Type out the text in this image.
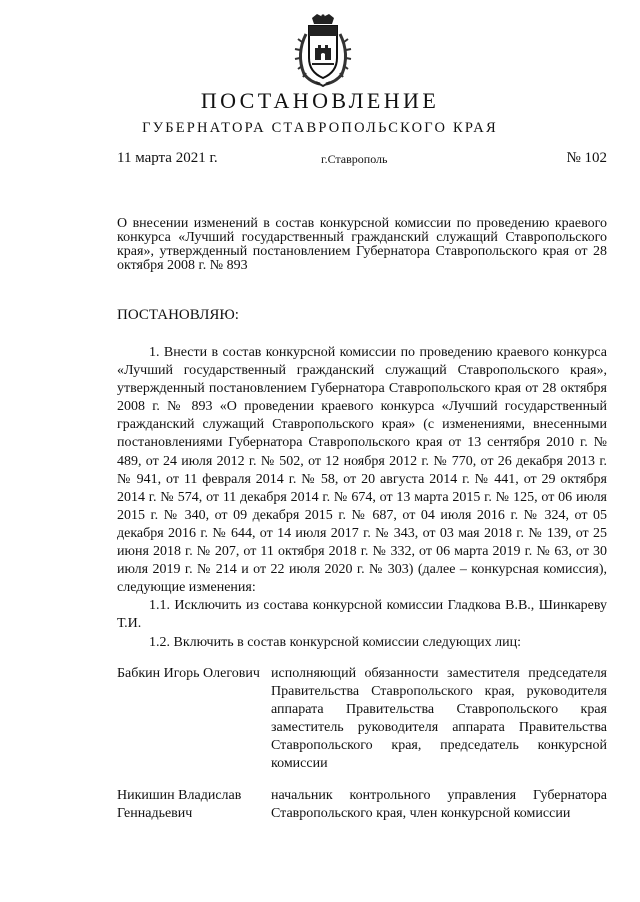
ПОСТАНОВЛЕНИЕ
ГУБЕРНАТОРА СТАВРОПОЛЬСКОГО КРАЯ
11 марта 2021 г.	г.Ставрополь	№ 102
О внесении изменений в состав конкурсной комиссии по проведению краевого конкурса «Лучший государственный гражданский служащий Ставропольского края», утвержденный постановлением Губернатора Ставропольского края от 28 октября 2008 г. № 893
ПОСТАНОВЛЯЮ:

1. Внести в состав конкурсной комиссии по проведению краевого конкурса «Лучший государственный гражданский служащий Ставропольского края», утвержденный постановлением Губернатора Ставропольского края от 28 октября 2008 г. № 893 «О проведении краевого конкурса «Лучший государственный гражданский служащий Ставропольского края» (с изменениями, внесенными постановлениями Губернатора Ставропольского края от 13 сентября 2010 г. № 489, от 24 июля 2012 г. № 502, от 12 ноября 2012 г. № 770, от 26 декабря 2013 г. № 941, от 11 февраля 2014 г. № 58, от 20 августа 2014 г. № 441, от 29 октября 2014 г. № 574, от 11 декабря 2014 г. № 674, от 13 марта 2015 г. № 125, от 06 июля 2015 г. № 340, от 09 декабря 2015 г. № 687, от 04 июля 2016 г. № 324, от 05 декабря 2016 г. № 644, от 14 июля 2017 г. № 343, от 03 мая 2018 г. № 139, от 25 июня 2018 г. № 207, от 11 октября 2018 г. № 332, от 06 марта 2019 г. № 63, от 30 июля 2019 г. № 214 и от 22 июля 2020 г. № 303) (далее – конкурсная комиссия), следующие изменения:

1.1. Исключить из состава конкурсной комиссии Гладкова В.В., Шинкареву Т.И.

1.2. Включить в состав конкурсной комиссии следующих лиц:

Бабкин Игорь Олегович исполняющий обязанности заместителя председателя Правительства Ставропольского края, руководителя аппарата Правительства Ставропольского края заместитель руководителя аппарата Правительства Ставропольского края, председатель конкурсной комиссии
Никишин Владислав Геннадьевич
начальник контрольного управления Губернатора Ставропольского края, член конкурсной комиссии
